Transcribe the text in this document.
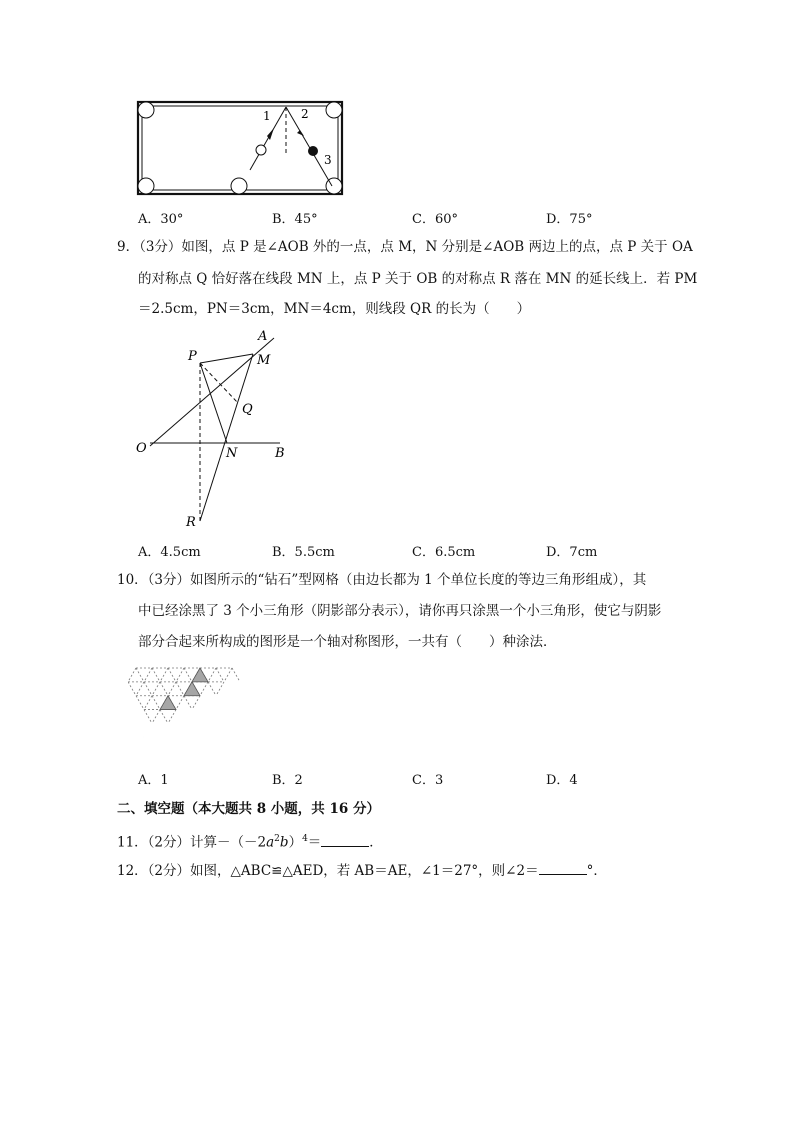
1	2
3
A．30°	B．45°	C．60°	D．75°
9．（3分）如图，点 P 是∠AOB 外的一点，点 M，N 分别是∠AOB 两边上的点，点 P 关于 OA
的对称点 Q 恰好落在线段 MN 上，点 P 关于 OB 的对称点 R 落在 MN 的延长线上．若 PM
＝2.5cm，PN＝3cm，MN＝4cm，则线段 QR 的长为（　　）
A
P	M
Q
O	N	B
R
A．4.5cm	B．5.5cm	C．6.5cm	D．7cm
10．（3分）如图所示的“钻石”型网格（由边长都为 1 个单位长度的等边三角形组成），其
中已经涂黑了 3 个小三角形（阴影部分表示），请你再只涂黑一个小三角形，使它与阴影
部分合起来所构成的图形是一个轴对称图形，一共有（　　）种涂法．
A．1	B．2	C．3	D．4
二、填空题（本大题共 8 小题，共 16 分）
11．（2分）计算$-(-2a^2b)^4=$	．
12．（2分）如图，△ABC≌△AED，若 AB＝AE，∠1＝27°，则∠2＝	°．
